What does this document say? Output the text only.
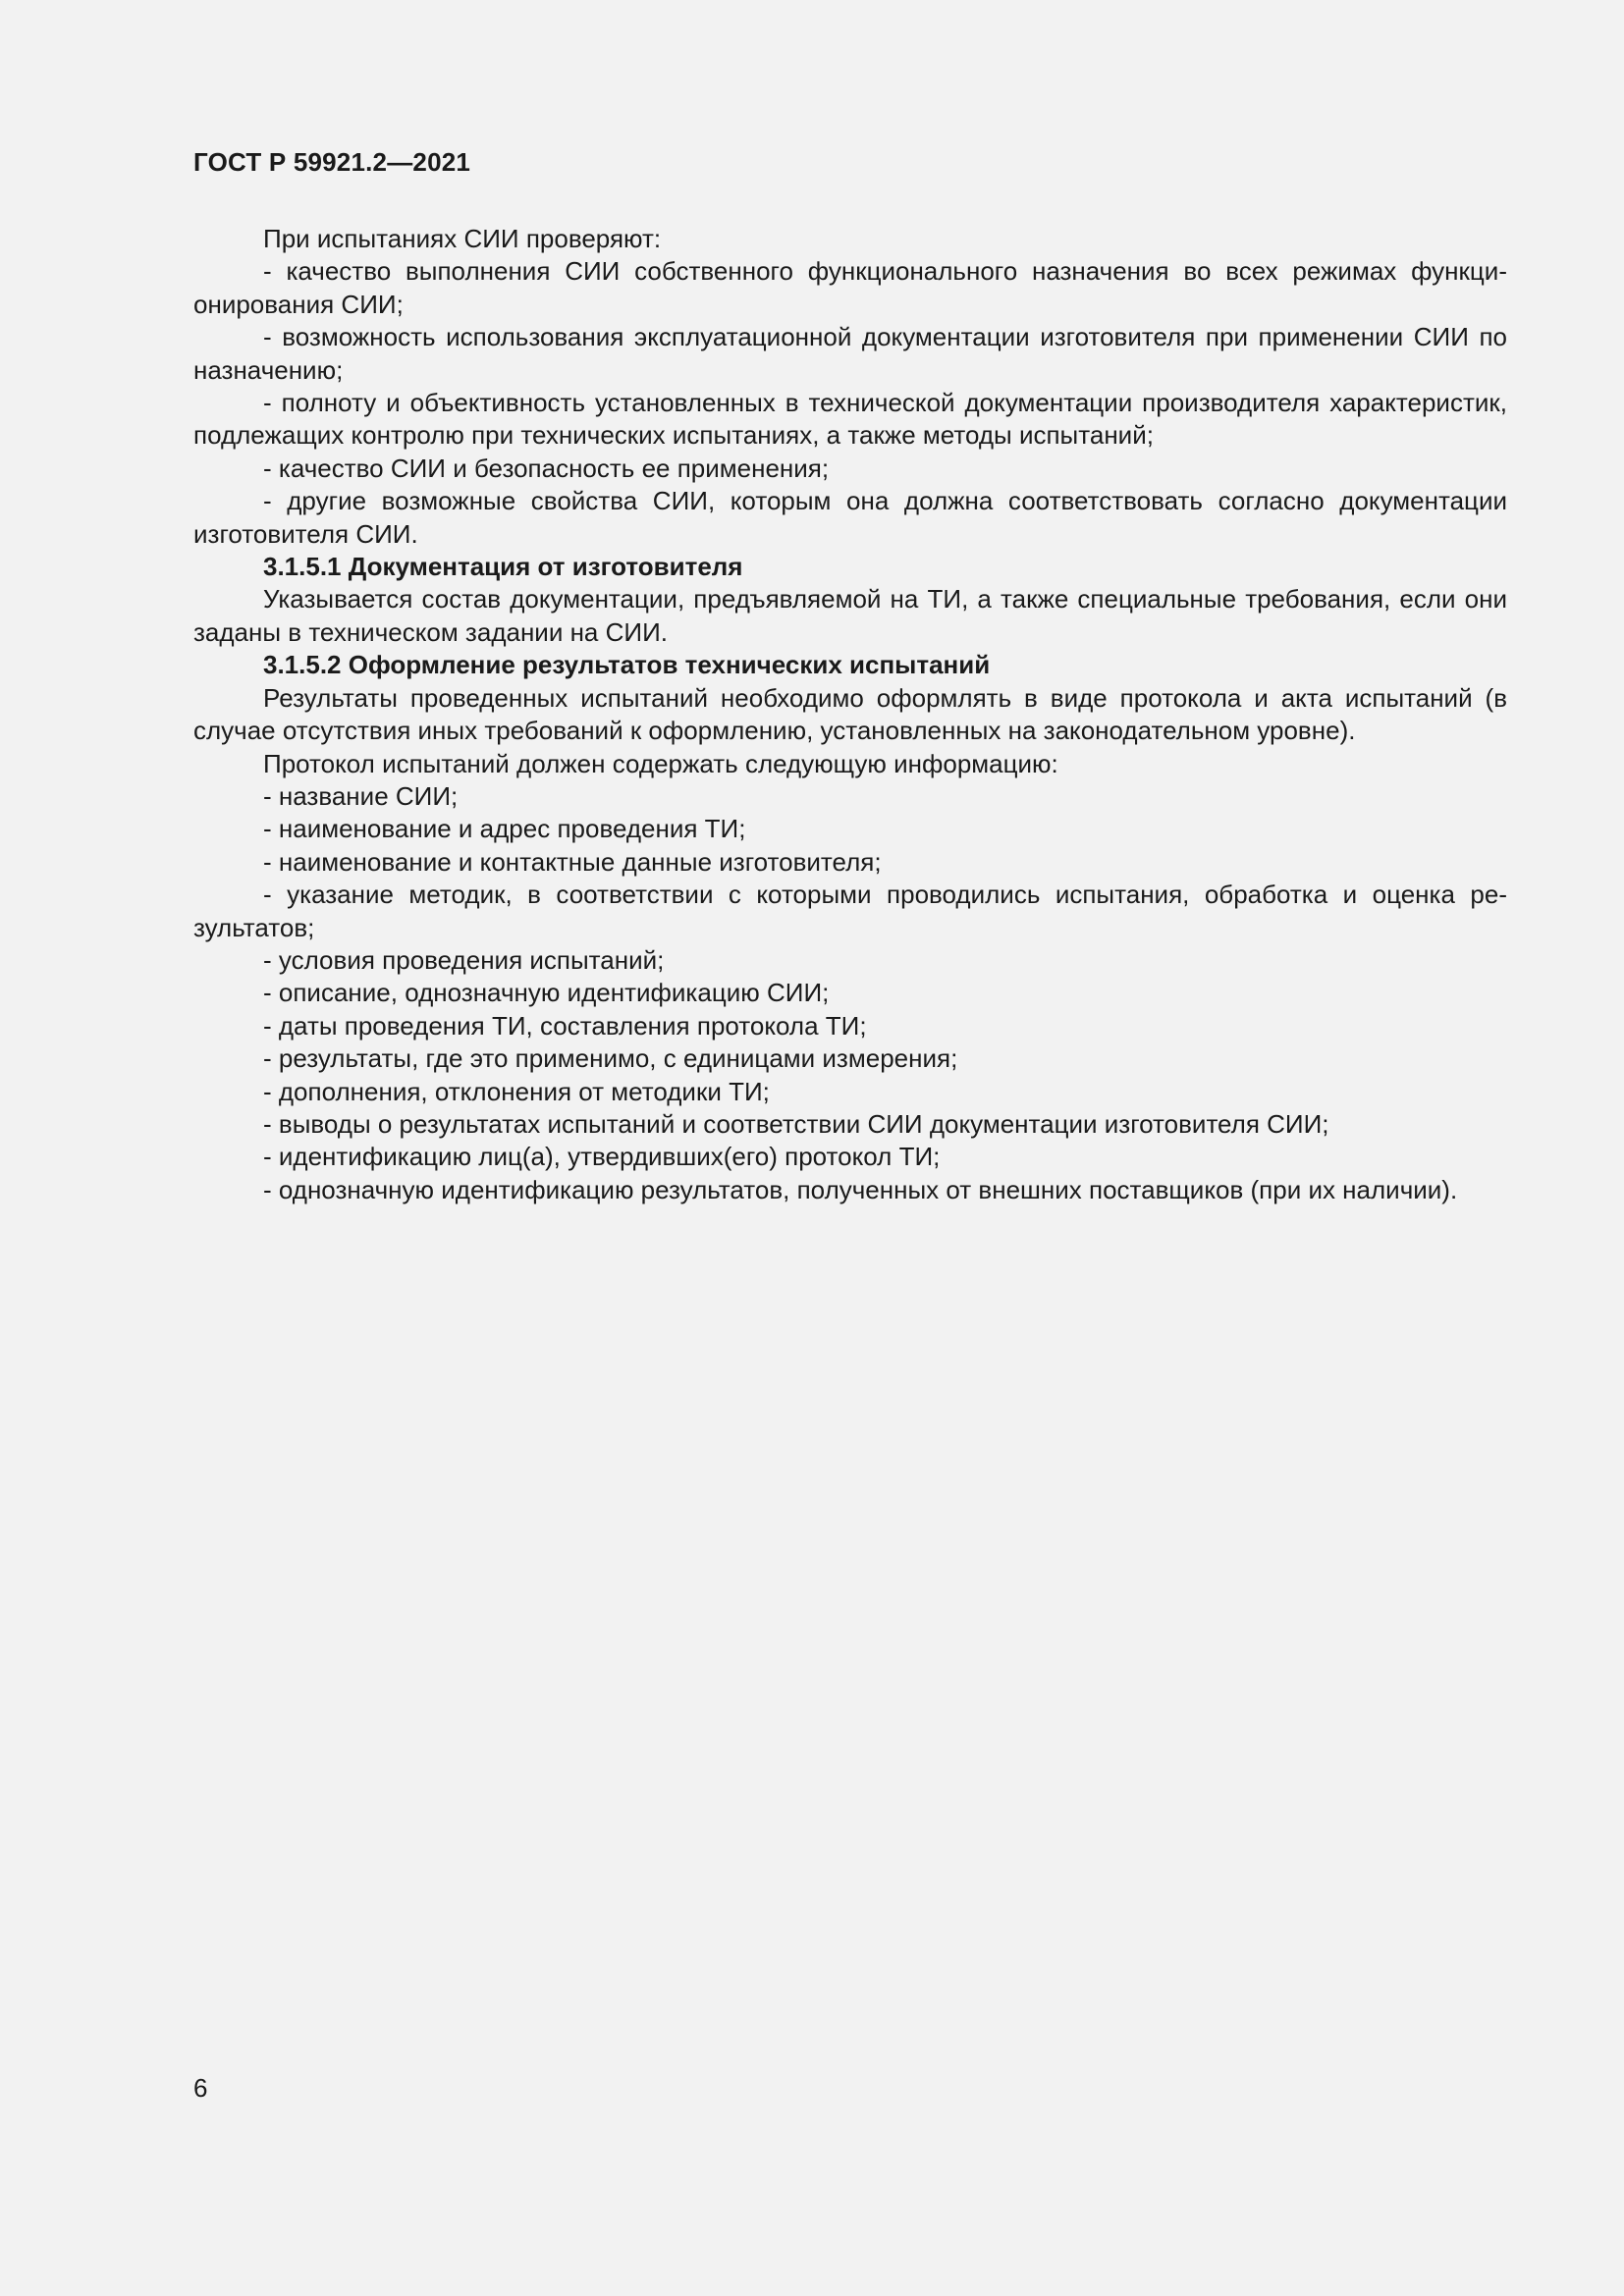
ГОСТ Р 59921.2—2021

При испытаниях СИИ проверяют:

- качество выполнения СИИ собственного функционального назначения во всех режимах функционирования СИИ;

- возможность использования эксплуатационной документации изготовителя при применении СИИ по назначению;

- полноту и объективность установленных в технической документации производителя характеристик, подлежащих контролю при технических испытаниях, а также методы испытаний;

- качество СИИ и безопасность ее применения;

- другие возможные свойства СИИ, которым она должна соответствовать согласно документации изготовителя СИИ.

3.1.5.1 Документация от изготовителя

Указывается состав документации, предъявляемой на ТИ, а также специальные требования, если они заданы в техническом задании на СИИ.

3.1.5.2 Оформление результатов технических испытаний

Результаты проведенных испытаний необходимо оформлять в виде протокола и акта испытаний (в случае отсутствия иных требований к оформлению, установленных на законодательном уровне).

Протокол испытаний должен содержать следующую информацию:

- название СИИ;

- наименование и адрес проведения ТИ;

- наименование и контактные данные изготовителя;

- указание методик, в соответствии с которыми проводились испытания, обработка и оценка результатов;

- условия проведения испытаний;

- описание, однозначную идентификацию СИИ;

- даты проведения ТИ, составления протокола ТИ;

- результаты, где это применимо, с единицами измерения;

- дополнения, отклонения от методики ТИ;

- выводы о результатах испытаний и соответствии СИИ документации изготовителя СИИ;

- идентификацию лиц(а), утвердивших(его) протокол ТИ;

- однозначную идентификацию результатов, полученных от внешних поставщиков (при их наличии).

6
